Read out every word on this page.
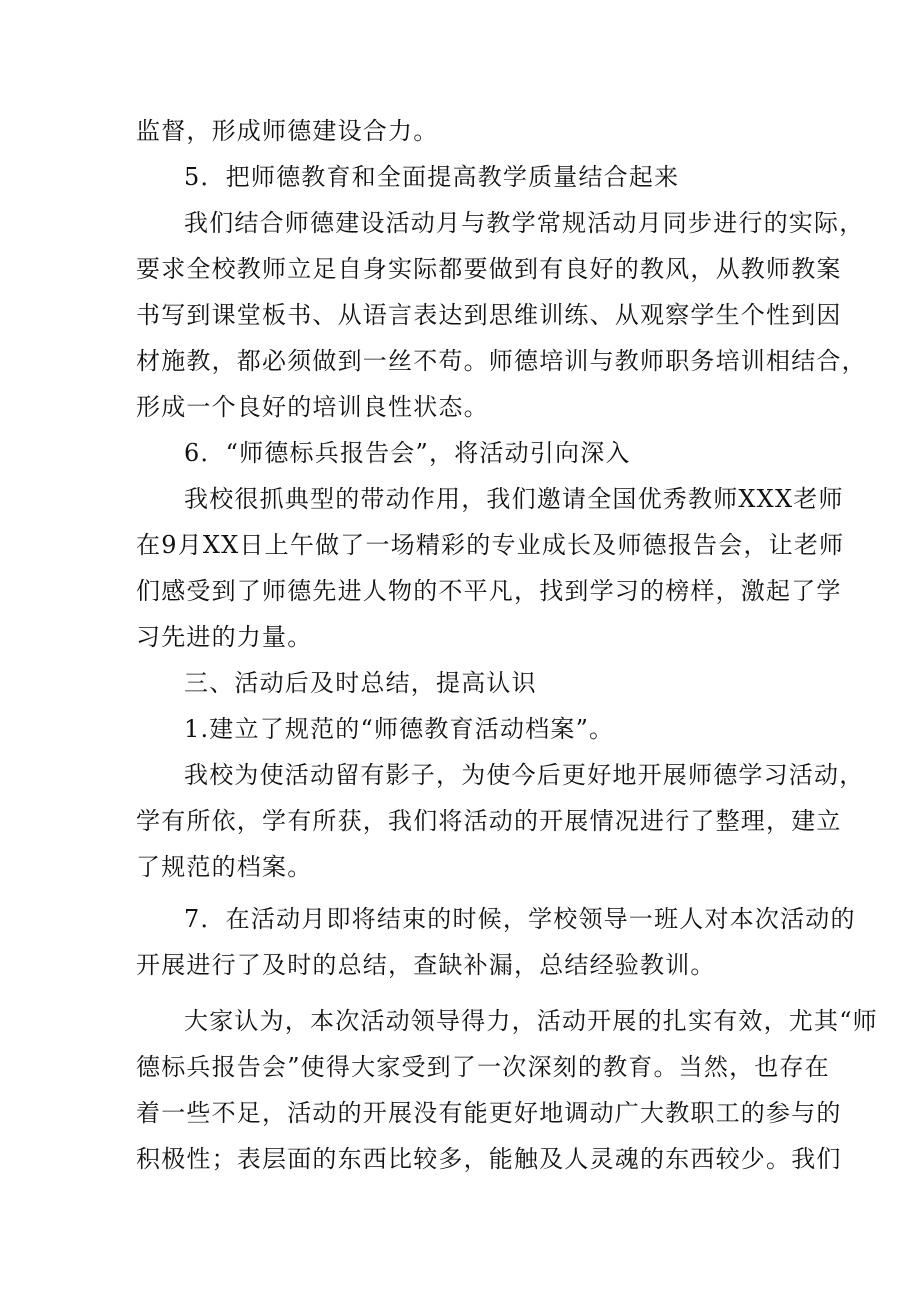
监督，形成师德建设合力。
5．把师德教育和全面提高教学质量结合起来
我们结合师德建设活动月与教学常规活动月同步进行的实际，
要求全校教师立足自身实际都要做到有良好的教风，从教师教案
书写到课堂板书、从语言表达到思维训练、从观察学生个性到因
材施教，都必须做到一丝不苟。师德培训与教师职务培训相结合，
形成一个良好的培训良性状态。
6．“师德标兵报告会”，将活动引向深入
我校很抓典型的带动作用，我们邀请全国优秀教师XXX老师
在9月XX日上午做了一场精彩的专业成长及师德报告会，让老师
们感受到了师德先进人物的不平凡，找到学习的榜样，激起了学
习先进的力量。
三、活动后及时总结，提高认识
1.建立了规范的“师德教育活动档案”。
我校为使活动留有影子，为使今后更好地开展师德学习活动，
学有所依，学有所获，我们将活动的开展情况进行了整理，建立
了规范的档案。
7．在活动月即将结束的时候，学校领导一班人对本次活动的
开展进行了及时的总结，查缺补漏，总结经验教训。
大家认为，本次活动领导得力，活动开展的扎实有效，尤其“师
德标兵报告会”使得大家受到了一次深刻的教育。当然，也存在
着一些不足，活动的开展没有能更好地调动广大教职工的参与的
积极性；表层面的东西比较多，能触及人灵魂的东西较少。我们
